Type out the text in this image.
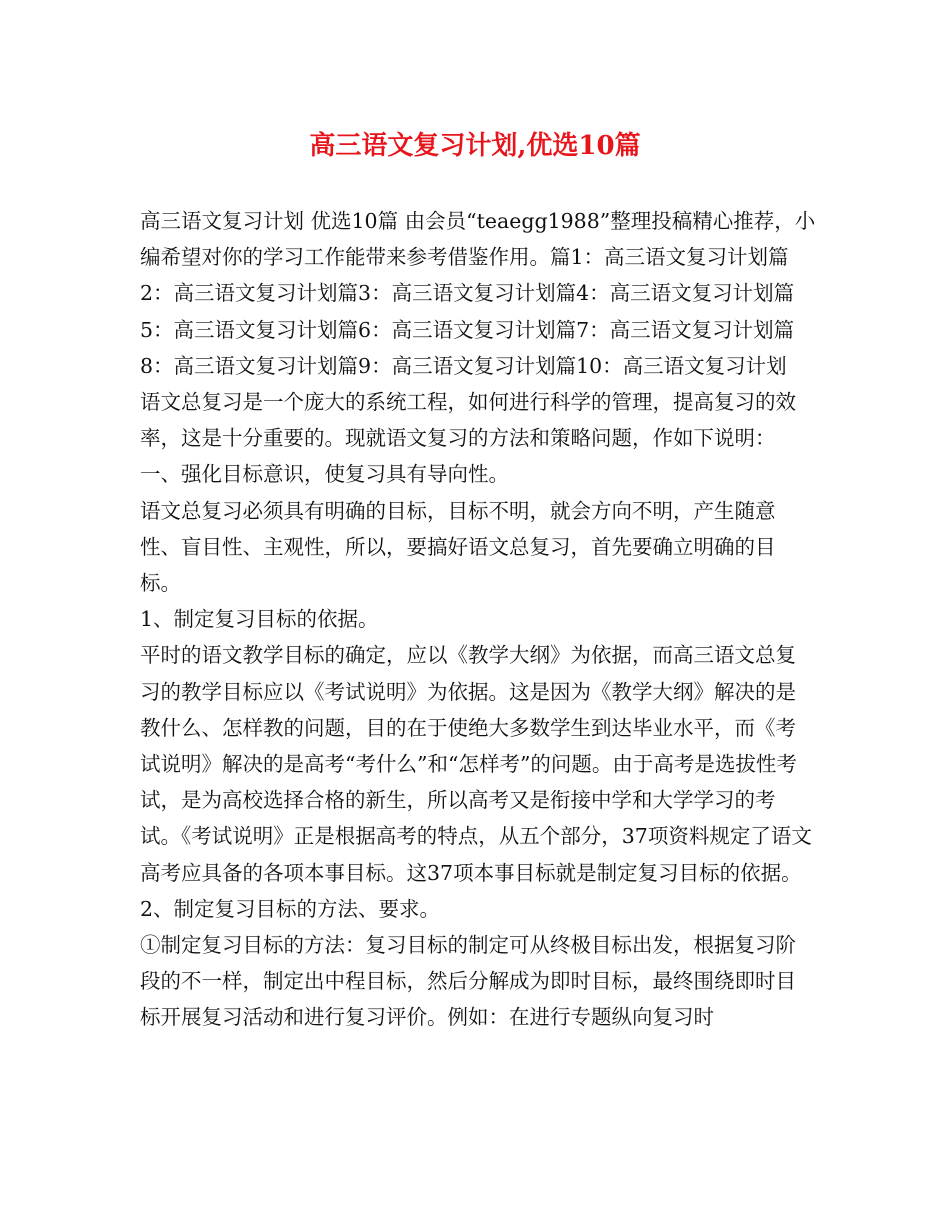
高三语文复习计划,优选10篇

高三语文复习计划 优选10篇 由会员“teaegg1988”整理投稿精心推荐，小编希望对你的学习工作能带来参考借鉴作用。篇1：高三语文复习计划篇2：高三语文复习计划篇3：高三语文复习计划篇4：高三语文复习计划篇5：高三语文复习计划篇6：高三语文复习计划篇7：高三语文复习计划篇8：高三语文复习计划篇9：高三语文复习计划篇10：高三语文复习计划

语文总复习是一个庞大的系统工程，如何进行科学的管理，提高复习的效率，这是十分重要的。现就语文复习的方法和策略问题，作如下说明：

一、强化目标意识，使复习具有导向性。

语文总复习必须具有明确的目标，目标不明，就会方向不明，产生随意性、盲目性、主观性，所以，要搞好语文总复习，首先要确立明确的目标。

1、制定复习目标的依据。

平时的语文教学目标的确定，应以《教学大纲》为依据，而高三语文总复习的教学目标应以《考试说明》为依据。这是因为《教学大纲》解决的是教什么、怎样教的问题，目的在于使绝大多数学生到达毕业水平，而《考试说明》解决的是高考“考什么”和“怎样考”的问题。由于高考是选拔性考试，是为高校选择合格的新生，所以高考又是衔接中学和大学学习的考试。《考试说明》正是根据高考的特点，从五个部分，37项资料规定了语文高考应具备的各项本事目标。这37项本事目标就是制定复习目标的依据。

2、制定复习目标的方法、要求。

①制定复习目标的方法：复习目标的制定可从终极目标出发，根据复习阶段的不一样，制定出中程目标，然后分解成为即时目标，最终围绕即时目标开展复习活动和进行复习评价。例如：在进行专题纵向复习时
